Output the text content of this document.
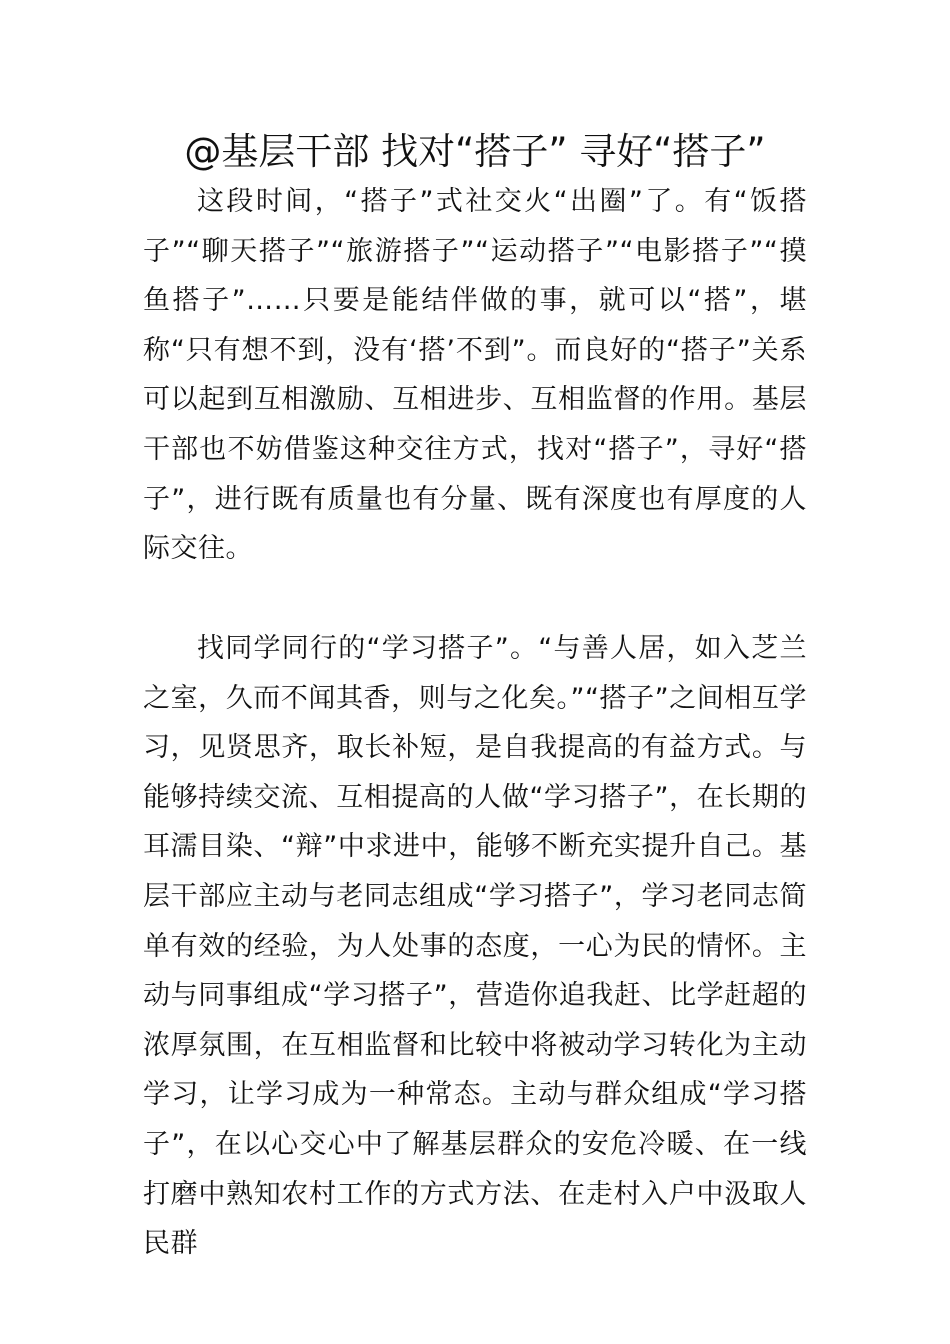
@基层干部 找对“搭子” 寻好“搭子”

这段时间，“搭子”式社交火“出圈”了。有“饭搭子”“聊天搭子”“旅游搭子”“运动搭子”“电影搭子”“摸鱼搭子”……只要是能结伴做的事，就可以“搭”，堪称“只有想不到，没有‘搭’不到”。而良好的“搭子”关系可以起到互相激励、互相进步、互相监督的作用。基层干部也不妨借鉴这种交往方式，找对“搭子”，寻好“搭子”，进行既有质量也有分量、既有深度也有厚度的人际交往。

找同学同行的“学习搭子”。“与善人居，如入芝兰之室，久而不闻其香，则与之化矣。”“搭子”之间相互学习，见贤思齐，取长补短，是自我提高的有益方式。与能够持续交流、互相提高的人做“学习搭子”，在长期的耳濡目染、“辩”中求进中，能够不断充实提升自己。基层干部应主动与老同志组成“学习搭子”，学习老同志简单有效的经验，为人处事的态度，一心为民的情怀。主动与同事组成“学习搭子”，营造你追我赶、比学赶超的浓厚氛围，在互相监督和比较中将被动学习转化为主动学习，让学习成为一种常态。主动与群众组成“学习搭子”，在以心交心中了解基层群众的安危冷暖、在一线打磨中熟知农村工作的方式方法、在走村入户中汲取人民群
